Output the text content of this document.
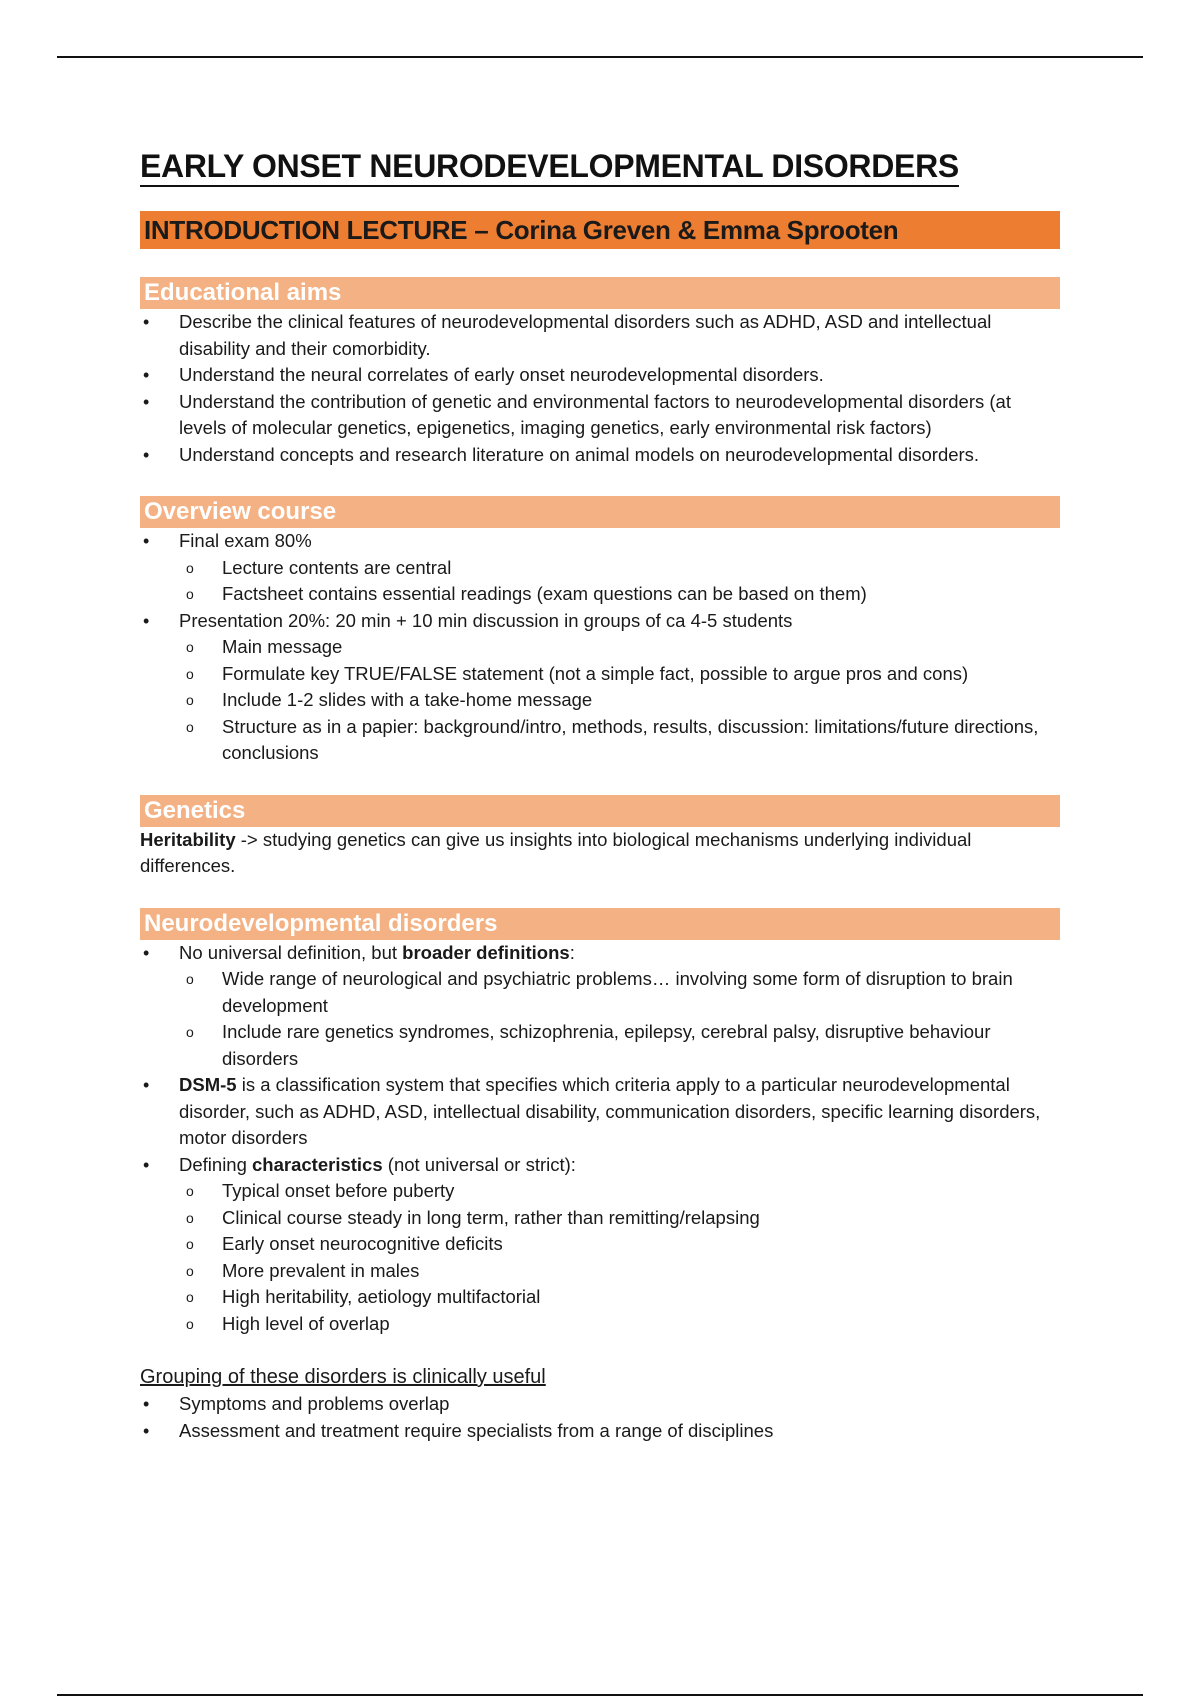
EARLY ONSET NEURODEVELOPMENTAL DISORDERS
INTRODUCTION LECTURE – Corina Greven & Emma Sprooten
Educational aims
• Describe the clinical features of neurodevelopmental disorders such as ADHD, ASD and intellectual disability and their comorbidity.
• Understand the neural correlates of early onset neurodevelopmental disorders.
• Understand the contribution of genetic and environmental factors to neurodevelopmental disorders (at levels of molecular genetics, epigenetics, imaging genetics, early environmental risk factors)
• Understand concepts and research literature on animal models on neurodevelopmental disorders.
Overview course
• Final exam 80%
o Lecture contents are central
o Factsheet contains essential readings (exam questions can be based on them)
• Presentation 20%: 20 min + 10 min discussion in groups of ca 4-5 students
o Main message
o Formulate key TRUE/FALSE statement (not a simple fact, possible to argue pros and cons)
o Include 1-2 slides with a take-home message
o Structure as in a papier: background/intro, methods, results, discussion: limitations/future directions, conclusions
Genetics

Heritability -> studying genetics can give us insights into biological mechanisms underlying individual differences.

Neurodevelopmental disorders
• No universal definition, but broader definitions:
o Wide range of neurological and psychiatric problems… involving some form of disruption to brain development
o Include rare genetics syndromes, schizophrenia, epilepsy, cerebral palsy, disruptive behaviour disorders
• DSM-5 is a classification system that specifies which criteria apply to a particular neurodevelopmental disorder, such as ADHD, ASD, intellectual disability, communication disorders, specific learning disorders, motor disorders
• Defining characteristics (not universal or strict):
o Typical onset before puberty
o Clinical course steady in long term, rather than remitting/relapsing
o Early onset neurocognitive deficits
o More prevalent in males
o High heritability, aetiology multifactorial
o High level of overlap
Grouping of these disorders is clinically useful
• Symptoms and problems overlap
• Assessment and treatment require specialists from a range of disciplines
